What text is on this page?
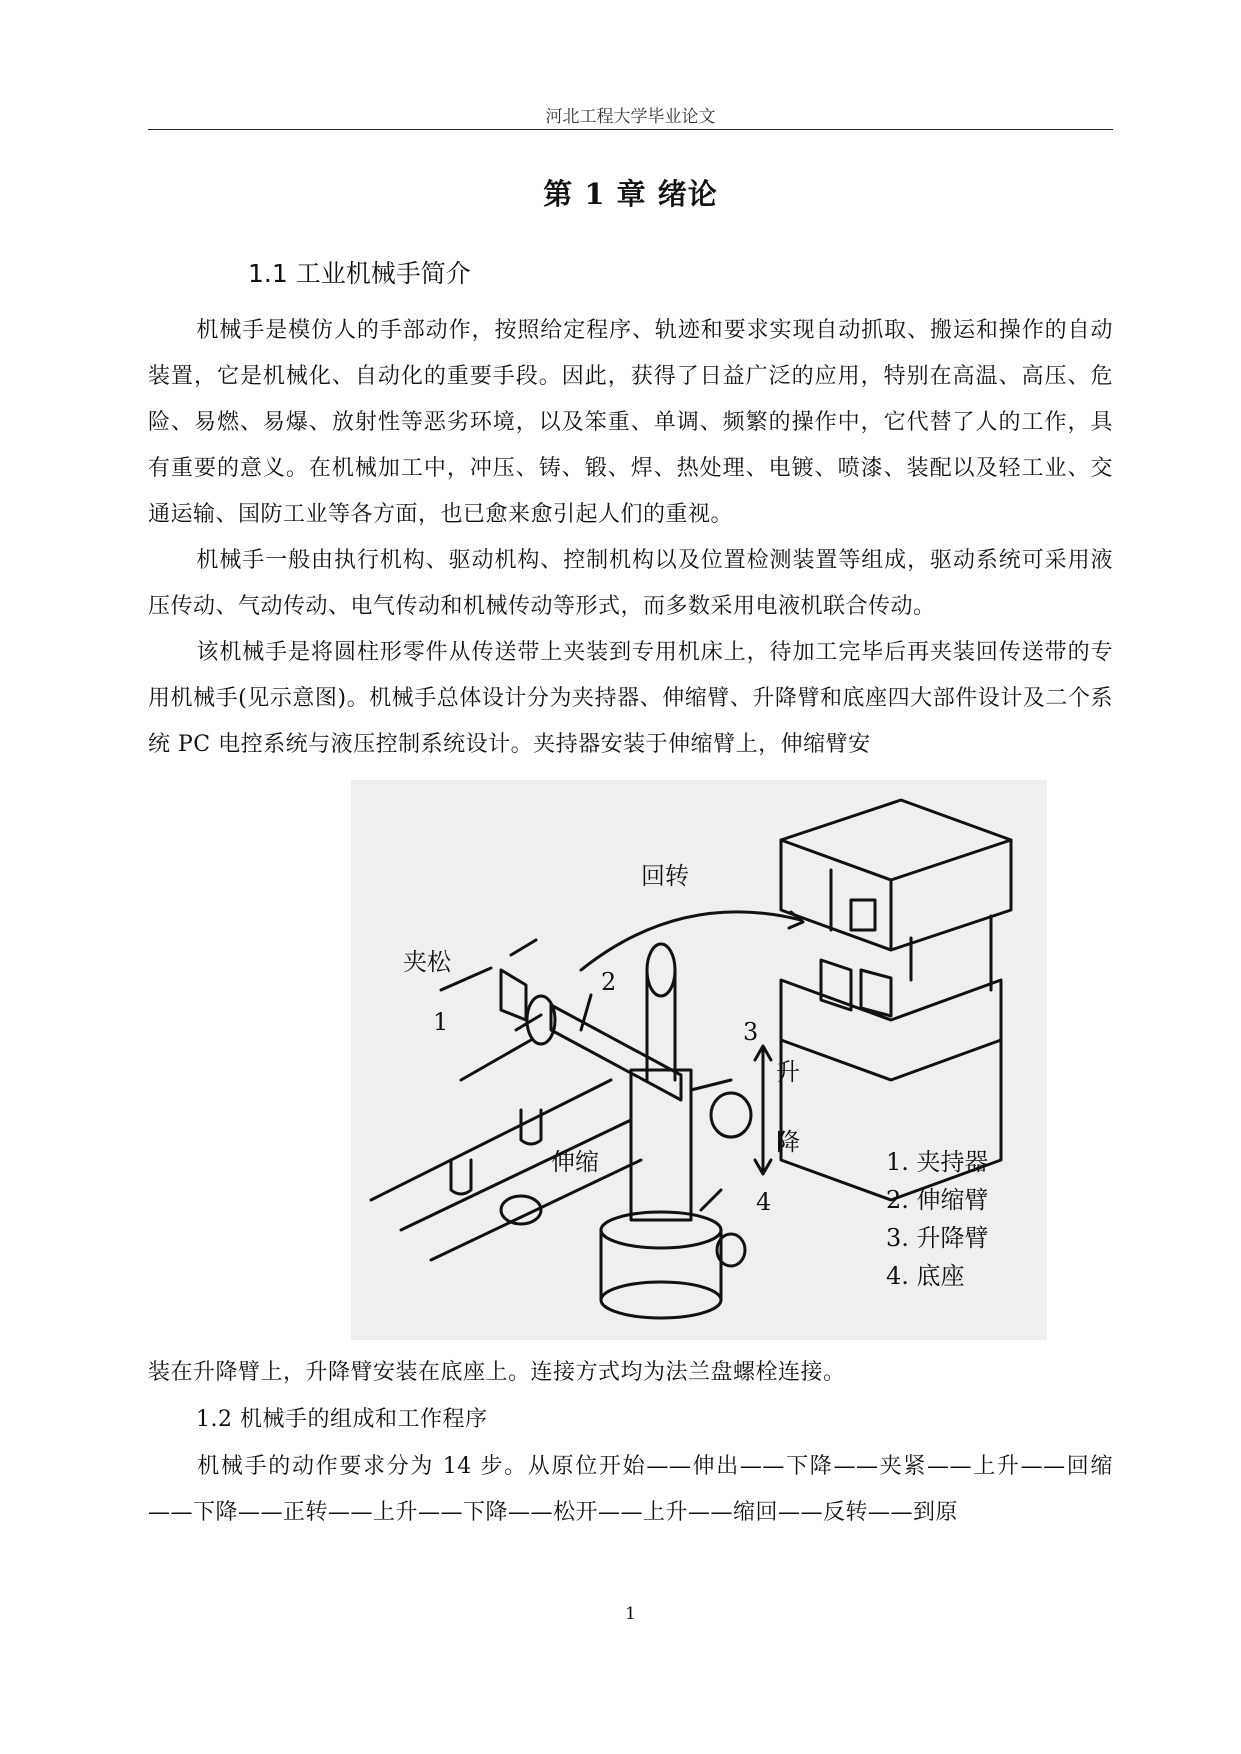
河北工程大学毕业论文
第 1 章 绪论
1.1 工业机械手简介

机械手是模仿人的手部动作，按照给定程序、轨迹和要求实现自动抓取、搬运和操作的自动装置，它是机械化、自动化的重要手段。因此，获得了日益广泛的应用，特别在高温、高压、危险、易燃、易爆、放射性等恶劣环境，以及笨重、单调、频繁的操作中，它代替了人的工作，具有重要的意义。在机械加工中，冲压、铸、锻、焊、热处理、电镀、喷漆、装配以及轻工业、交通运输、国防工业等各方面，也已愈来愈引起人们的重视。

机械手一般由执行机构、驱动机构、控制机构以及位置检测装置等组成，驱动系统可采用液压传动、气动传动、电气传动和机械传动等形式，而多数采用电液机联合传动。

该机械手是将圆柱形零件从传送带上夹装到专用机床上，待加工完毕后再夹装回传送带的专用机械手(见示意图)。机械手总体设计分为夹持器、伸缩臂、升降臂和底座四大部件设计及二个系统 PC 电控系统与液压控制系统设计。夹持器安装于伸缩臂上，伸缩臂安

夹松
回转
伸缩
升
降
1
2
3
4
1. 夹持器
2. 伸缩臂
3. 升降臂
4. 底座

装在升降臂上，升降臂安装在底座上。连接方式均为法兰盘螺栓连接。

1.2 机械手的组成和工作程序

机械手的动作要求分为 14 步。从原位开始——伸出——下降——夹紧——上升——回缩——下降——正转——上升——下降——松开——上升——缩回——反转——到原

1
